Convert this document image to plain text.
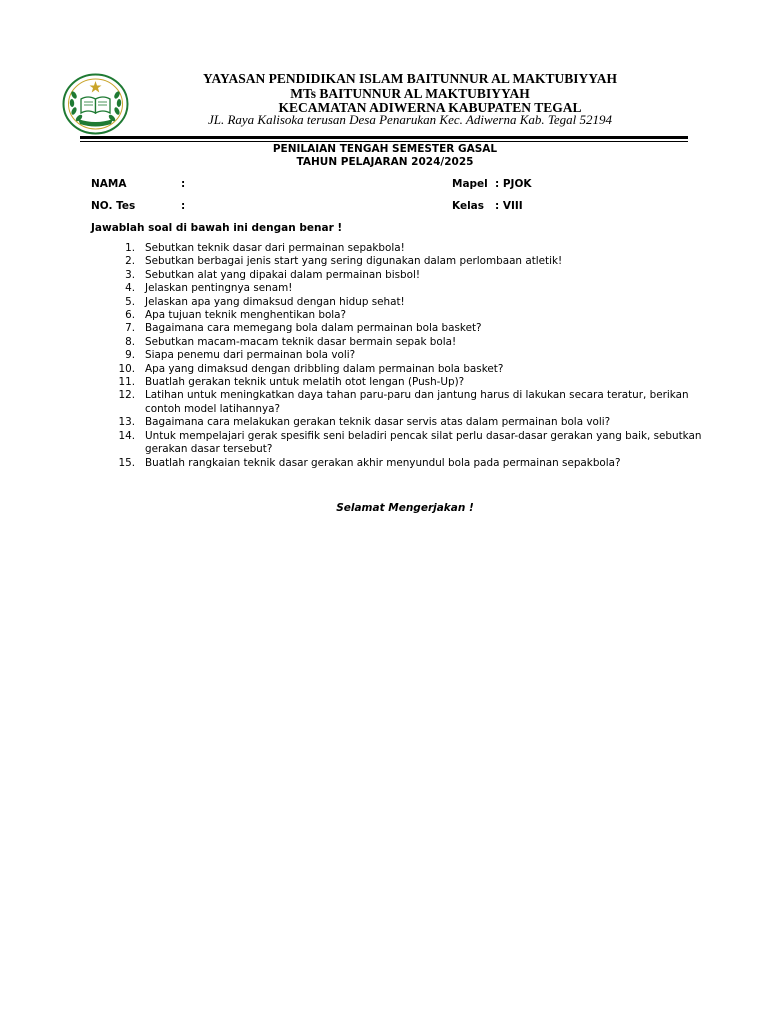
YAYASAN PENDIDIKAN ISLAM BAITUNNUR AL MAKTUBIYYAH
MTs BAITUNNUR AL MAKTUBIYYAH
KECAMATAN ADIWERNA KABUPATEN TEGAL
JL. Raya Kalisoka terusan Desa Penarukan Kec. Adiwerna Kab. Tegal 52194
PENILAIAN TENGAH SEMESTER GASAL
TAHUN PELAJARAN 2024/2025
NAMA	:
NO. Tes	:
Mapel : PJOK
Kelas : VIII
Jawablah soal di bawah ini dengan benar !
1. Sebutkan teknik dasar dari permainan sepakbola!
2. Sebutkan berbagai jenis start yang sering digunakan dalam perlombaan atletik!
3. Sebutkan alat yang dipakai dalam permainan bisbol!
4. Jelaskan pentingnya senam!
5. Jelaskan apa yang dimaksud dengan hidup sehat!
6. Apa tujuan teknik menghentikan bola?
7. Bagaimana cara memegang bola dalam permainan bola basket?
8. Sebutkan macam-macam teknik dasar bermain sepak bola!
9. Siapa penemu dari permainan bola voli?
10. Apa yang dimaksud dengan dribbling dalam permainan bola basket?
11. Buatlah gerakan teknik untuk melatih otot lengan (Push-Up)?
12. Latihan untuk meningkatkan daya tahan paru-paru dan jantung harus di lakukan secara teratur, berikan contoh model latihannya?
13. Bagaimana cara melakukan gerakan teknik dasar servis atas dalam permainan bola voli?
14. Untuk mempelajari gerak spesifik seni beladiri pencak silat perlu dasar-dasar gerakan yang baik, sebutkan gerakan dasar tersebut?
15. Buatlah rangkaian teknik dasar gerakan akhir menyundul bola pada permainan sepakbola?
Selamat Mengerjakan !
